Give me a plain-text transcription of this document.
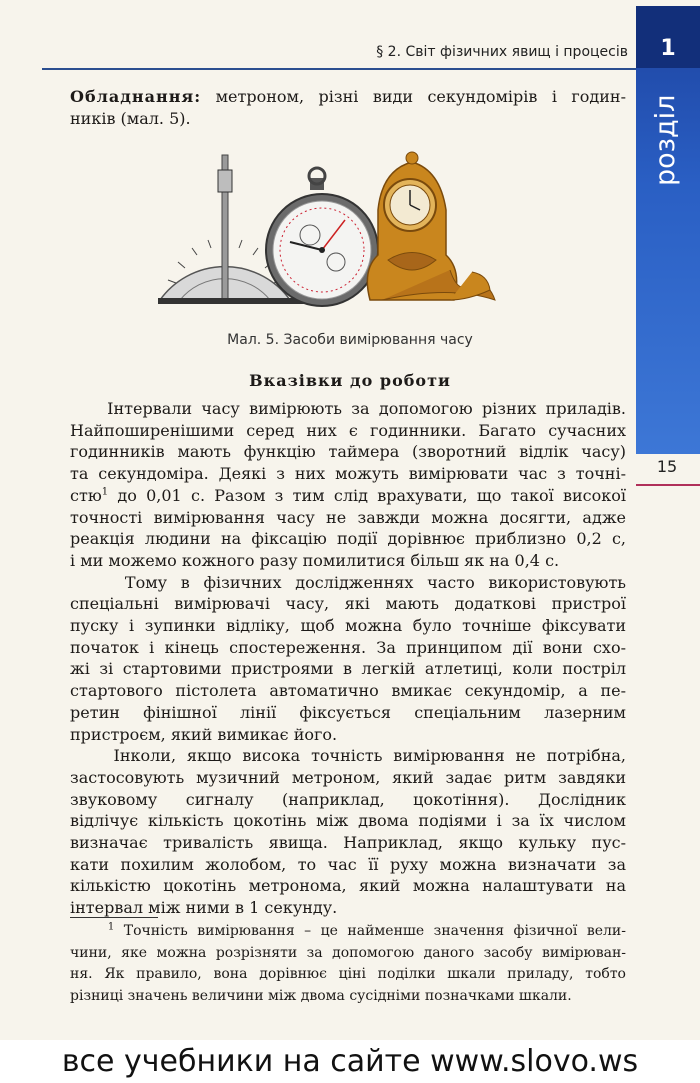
§ 2. Світ фізичних явищ і процесів	1
розділ
15
Обладнання: метроном, різні види секундомірів і годин-
ників (мал. 5).
Мал. 5. Засоби вимірювання часу
Вказівки до роботи
Інтервали часу вимірюють за допомогою різних приладів.
Найпоширенішими серед них є годинники. Багато сучасних
годинників мають функцію таймера (зворотний відлік часу)
та секундоміра. Деякі з них можуть вимірювати час з точні-
стю$^1$ до 0,01 с. Разом з тим слід врахувати, що такої високої
точності вимірювання часу не завжди можна досягти, адже
реакція людини на фіксацію події дорівнює приблизно 0,2 с,
і ми можемо кожного разу помилитися більш як на 0,4 с.
Тому в фізичних дослідженнях часто використовують
спеціальні вимірювачі часу, які мають додаткові пристрої
пуску і зупинки відліку, щоб можна було точніше фіксувати
початок і кінець спостереження. За принципом дії вони схо-
жі зі стартовими пристроями в легкій атлетиці, коли постріл
стартового пістолета автоматично вмикає секундомір, а пе-
ретин фінішної лінії фіксується спеціальним лазерним
пристроєм, який вимикає його.
Інколи, якщо висока точність вимірювання не потрібна,
застосовують музичний метроном, який задає ритм завдяки
звуковому сигналу (наприклад, цокотіння). Дослідник
відлічує кількість цокотінь між двома подіями і за їх числом
визначає тривалість явища. Наприклад, якщо кульку пус-
кати похилим жолобом, то час її руху можна визначати за
кількістю цокотінь метронома, який можна налаштувати на
інтервал між ними в 1 секунду.
$^1$ Точність вимірювання – це найменше значення фізичної вели-
чини, яке можна розрізняти за допомогою даного засобу вимірюван-
ня. Як правило, вона дорівнює ціні поділки шкали приладу, тобто
різниці значень величини між двома сусідніми позначками шкали.
все учебники на сайте www.slovo.ws
